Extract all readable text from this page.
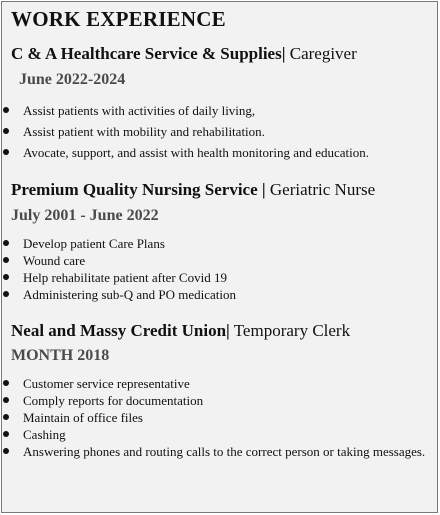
WORK EXPERIENCE
C & A Healthcare Service & Supplies| Caregiver
June 2022-2024
Assist patients with activities of daily living,
Assist patient with mobility and rehabilitation.
Avocate, support, and assist with health monitoring and education.
Premium Quality Nursing Service | Geriatric Nurse
July 2001 - June 2022
Develop patient Care Plans
Wound care
Help rehabilitate patient after Covid 19
Administering sub-Q and PO medication
Neal and Massy Credit Union| Temporary Clerk
MONTH 2018
Customer service representative
Comply reports for documentation
Maintain of office files
Cashing
Answering phones and routing calls to the correct person or taking messages.
